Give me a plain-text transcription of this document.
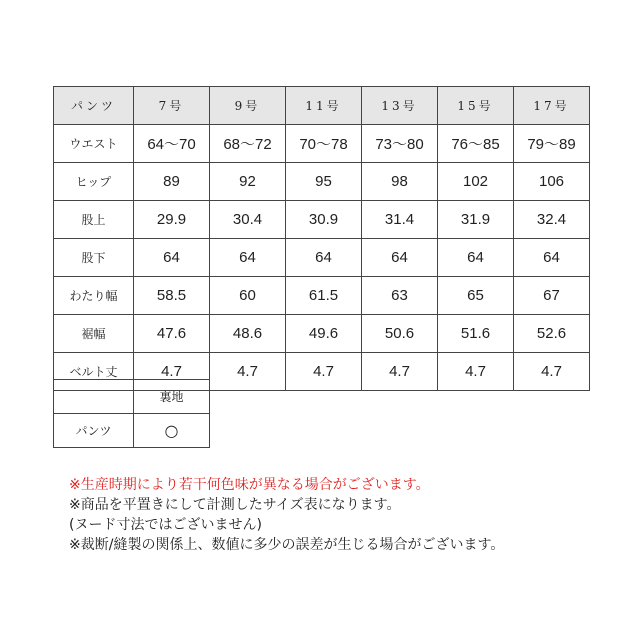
パンツ	7号	9号	11号	13号	15号	17号
ウエスト	64〜70	68〜72	70〜78	73〜80	76〜85	79〜89
ヒップ	89	92	95	98	102	106
股上	29.9	30.4	30.9	31.4	31.9	32.4
股下	64	64	64	64	64	64
わたり幅	58.5	60	61.5	63	65	67
裾幅	47.6	48.6	49.6	50.6	51.6	52.6
ベルト丈	4.7	4.7	4.7	4.7	4.7	4.7
	裏地
パンツ	○

※生産時期により若干何色味が異なる場合がございます。

※商品を平置きにして計測したサイズ表になります。

(ヌード寸法ではございません)

※裁断/縫製の関係上、数値に多少の誤差が生じる場合がございます。
